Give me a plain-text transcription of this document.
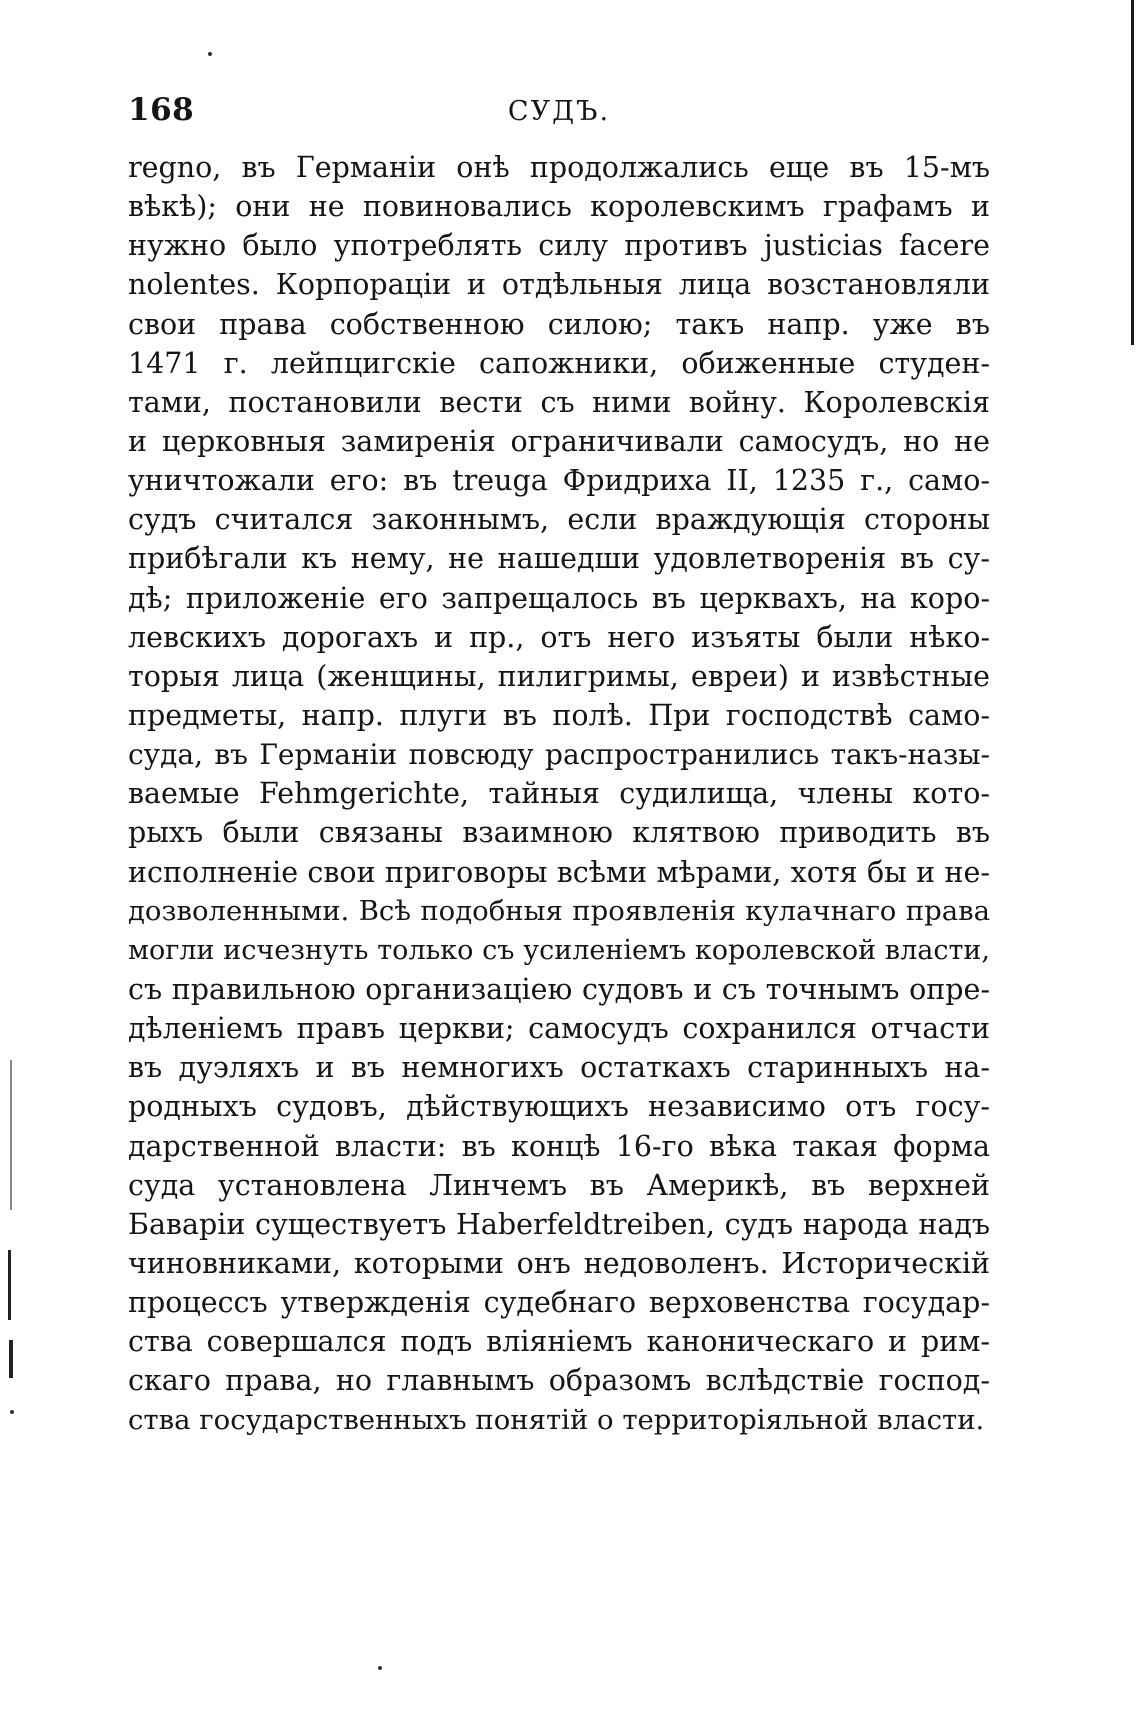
168	СУДЪ.
regno, въ Германіи онѣ продолжались еще въ 15-мъ
вѣкѣ); они не повиновались королевскимъ графамъ и
нужно было употреблять силу противъ justicias facere
nolentes. Корпораціи и отдѣльныя лица возстановляли
свои права собственною силою; такъ напр. уже въ
1471 г. лейпцигскіе сапожники, обиженные студен-
тами, постановили вести съ ними войну. Королевскія
и церковныя замиренія ограничивали самосудъ, но не
уничтожали его: въ treuga Фридриха II, 1235 г., само-
судъ считался законнымъ, если враждующія стороны
прибѣгали къ нему, не нашедши удовлетворенія въ су-
дѣ; приложеніе его запрещалось въ церквахъ, на коро-
левскихъ дорогахъ и пр., отъ него изъяты были нѣко-
торыя лица (женщины, пилигримы, евреи) и извѣстные
предметы, напр. плуги въ полѣ. При господствѣ само-
суда, въ Германіи повсюду распространились такъ-назы-
ваемые Fehmgerichte, тайныя судилища, члены кото-
рыхъ были связаны взаимною клятвою приводить въ
исполненіе свои приговоры всѣми мѣрами, хотя бы и не-
дозволенными. Всѣ подобныя проявленія кулачнаго права
могли исчезнуть только съ усиленіемъ королевской власти,
съ правильною организаціею судовъ и съ точнымъ опре-
дѣленіемъ правъ церкви; самосудъ сохранился отчасти
въ дуэляхъ и въ немногихъ остаткахъ старинныхъ на-
родныхъ судовъ, дѣйствующихъ независимо отъ госу-
дарственной власти: въ концѣ 16-го вѣка такая форма
суда установлена Линчемъ въ Америкѣ, въ верхней
Баваріи существуетъ Haberfeldtreiben, судъ народа надъ
чиновниками, которыми онъ недоволенъ. Историческій
процессъ утвержденія судебнаго верховенства государ-
ства совершался подъ вліяніемъ каноническаго и рим-
скаго права, но главнымъ образомъ вслѣдствіе господ-
ства государственныхъ понятій о территоріяльной власти.
